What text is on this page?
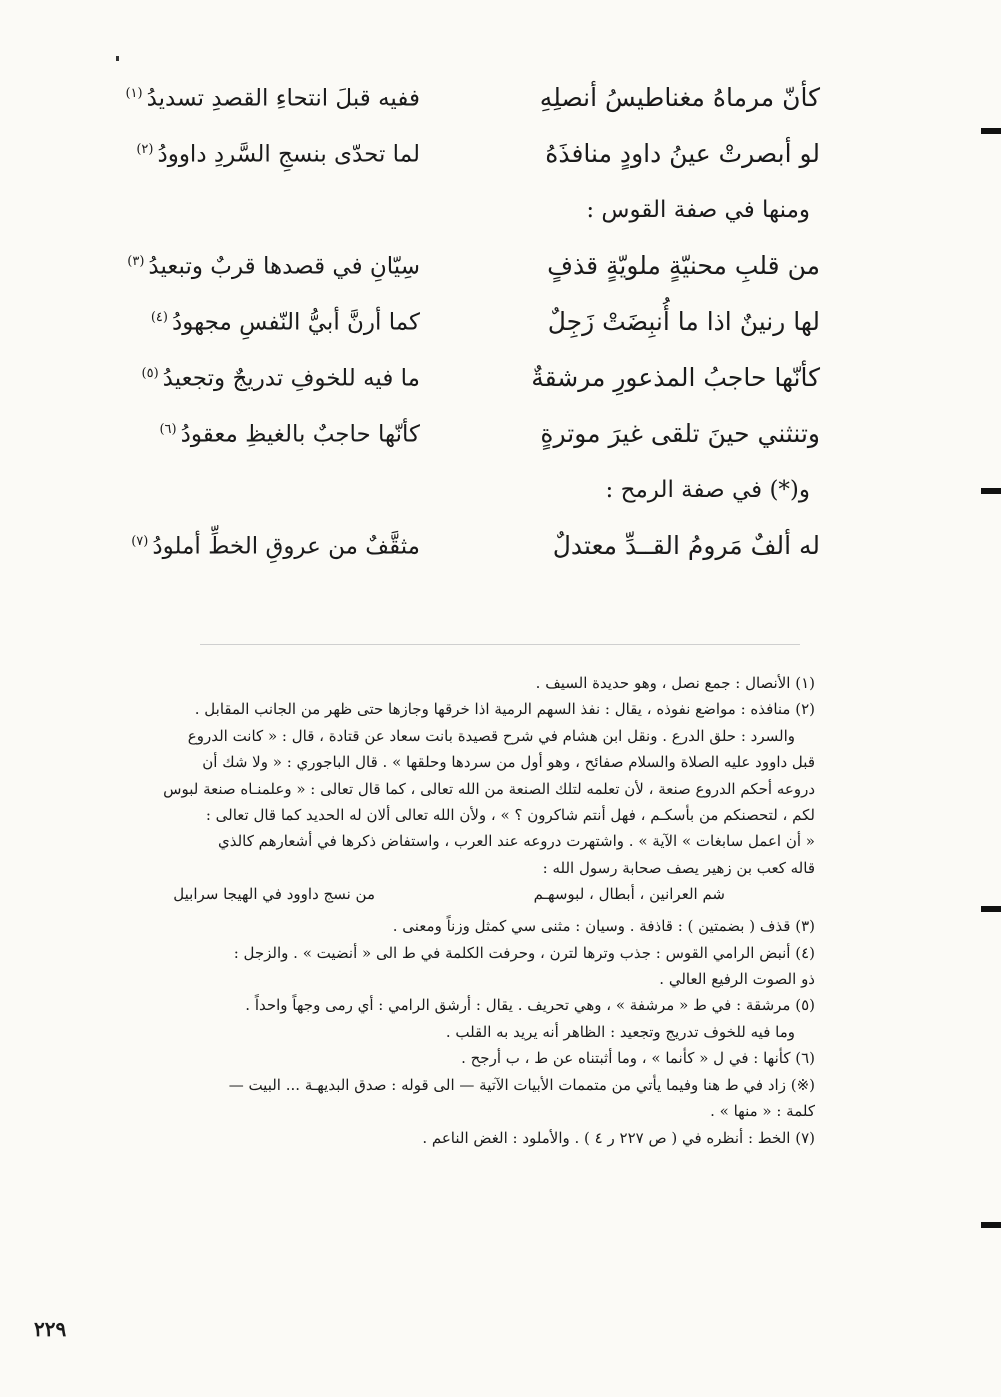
كأنّ مرماهُ مغناطيسُ أنصلِهِ
ففيه قبلَ انتحاءِ القصدِ تسديدُ$^{(١)}$
لو أبصرتْ عينُ داودٍ منافذَهُ
لما تحدّى بنسجِ السَّردِ داوودُ$^{(٢)}$
ومنها في صفة القوس :
من قلبِ محنيّةٍ ملويّةٍ قذفٍ
سِيّانِ في قصدها قربٌ وتبعيدُ$^{(٣)}$
لها رنينٌ اذا ما أُنبِضَتْ زَجِلٌ
كما أرنَّ أبيُّ النّفسِ مجهودُ$^{(٤)}$
كأنّها حاجبُ المذعورِ مرشقةٌ
ما فيه للخوفِ تدريجٌ وتجعيدُ$^{(٥)}$
وتنثني حينَ تلقى غيرَ موترةٍ
كأنّها حاجبٌ بالغيظِ معقودُ$^{(٦)}$
و(*) في صفة الرمح :
له ألفٌ مَرومُ القــدِّ معتدلٌ
مثقَّفٌ من عروقِ الخطِّ أملودُ$^{(٧)}$

(١) الأنصال : جمع نصل ، وهو حديدة السيف .

(٢) منافذه : مواضع نفوذه ، يقال : نفذ السهم الرمية اذا خرقها وجازها حتى ظهر من الجانب المقابل .

والسرد : حلق الدرع . ونقل ابن هشام في شرح قصيدة بانت سعاد عن قتادة ، قال : « كانت الدروع

قبل داوود عليه الصلاة والسلام صفائح ، وهو أول من سردها وحلقها » . قال الباجوري : « ولا شك أن

دروعه أحكم الدروع صنعة ، لأن تعلمه لتلك الصنعة من الله تعالى ، كما قال تعالى : « وعلمنـاه صنعة لبوس

لكم ، لتحصنكم من بأسكـم ، فهل أنتم شاكرون ؟ » ، ولأن الله تعالى ألان له الحديد كما قال تعالى :

« أن اعمل سابغات » الآية » . واشتهرت دروعه عند العرب ، واستفاض ذكرها في أشعارهم كالذي

قاله كعب بن زهير يصف صحابة رسول الله :

شم العرانين ، أبطال ، لبوسهـم
من نسج داوود في الهيجا سرابيل

(٣) قذف ( بضمتين ) : قاذفة . وسيان : مثنى سي كمثل وزناً ومعنى .

(٤) أنبض الرامي القوس : جذب وترها لترن ، وحرفت الكلمة في ط الى « أنضيت » . والزجل :

ذو الصوت الرفيع العالي .

(٥) مرشقة : في ط « مرشفة » ، وهي تحريف . يقال : أرشق الرامي : أي رمى وجهاً واحداً .

وما فيه للخوف تدريج وتجعيد : الظاهر أنه يريد به القلب .

(٦) كأنها : في ل « كأنما » ، وما أثبتناه عن ط ، ب أرجح .

(※) زاد في ط هنا وفيما يأتي من متممات الأبيات الآتية — الى قوله : صدق البديهـة ... البيت —

كلمة : « منها » .

(٧) الخط : أنظره في ( ص ٢٢٧ ر ٤ ) . والأملود : الغض الناعم .

٢٢٩
